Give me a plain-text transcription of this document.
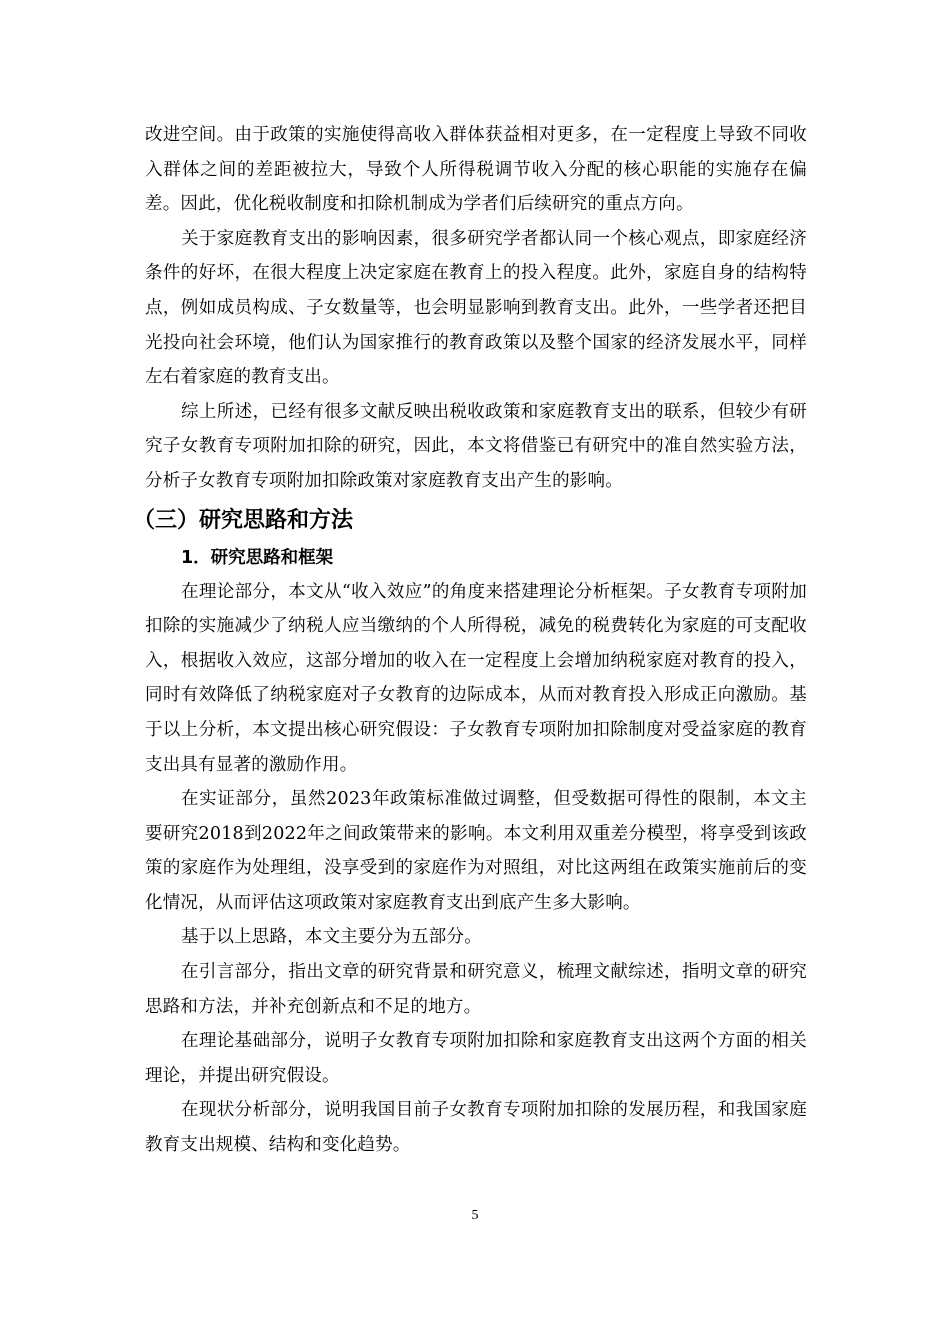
改进空间。由于政策的实施使得高收入群体获益相对更多，在一定程度上导致不同收入群体之间的差距被拉大，导致个人所得税调节收入分配的核心职能的实施存在偏差。因此，优化税收制度和扣除机制成为学者们后续研究的重点方向。

关于家庭教育支出的影响因素，很多研究学者都认同一个核心观点，即家庭经济条件的好坏，在很大程度上决定家庭在教育上的投入程度。此外，家庭自身的结构特点，例如成员构成、子女数量等，也会明显影响到教育支出。此外，一些学者还把目光投向社会环境，他们认为国家推行的教育政策以及整个国家的经济发展水平，同样左右着家庭的教育支出。

综上所述，已经有很多文献反映出税收政策和家庭教育支出的联系，但较少有研究子女教育专项附加扣除的研究，因此，本文将借鉴已有研究中的准自然实验方法，分析子女教育专项附加扣除政策对家庭教育支出产生的影响。

（三）研究思路和方法
1．研究思路和框架

在理论部分，本文从“收入效应”的角度来搭建理论分析框架。子女教育专项附加扣除的实施减少了纳税人应当缴纳的个人所得税，减免的税费转化为家庭的可支配收入，根据收入效应，这部分增加的收入在一定程度上会增加纳税家庭对教育的投入，同时有效降低了纳税家庭对子女教育的边际成本，从而对教育投入形成正向激励。基于以上分析，本文提出核心研究假设：子女教育专项附加扣除制度对受益家庭的教育支出具有显著的激励作用。

在实证部分，虽然2023年政策标准做过调整，但受数据可得性的限制，本文主要研究2018到2022年之间政策带来的影响。本文利用双重差分模型，将享受到该政策的家庭作为处理组，没享受到的家庭作为对照组，对比这两组在政策实施前后的变化情况，从而评估这项政策对家庭教育支出到底产生多大影响。

基于以上思路，本文主要分为五部分。

在引言部分，指出文章的研究背景和研究意义，梳理文献综述，指明文章的研究思路和方法，并补充创新点和不足的地方。

在理论基础部分，说明子女教育专项附加扣除和家庭教育支出这两个方面的相关理论，并提出研究假设。

在现状分析部分，说明我国目前子女教育专项附加扣除的发展历程，和我国家庭教育支出规模、结构和变化趋势。

5
